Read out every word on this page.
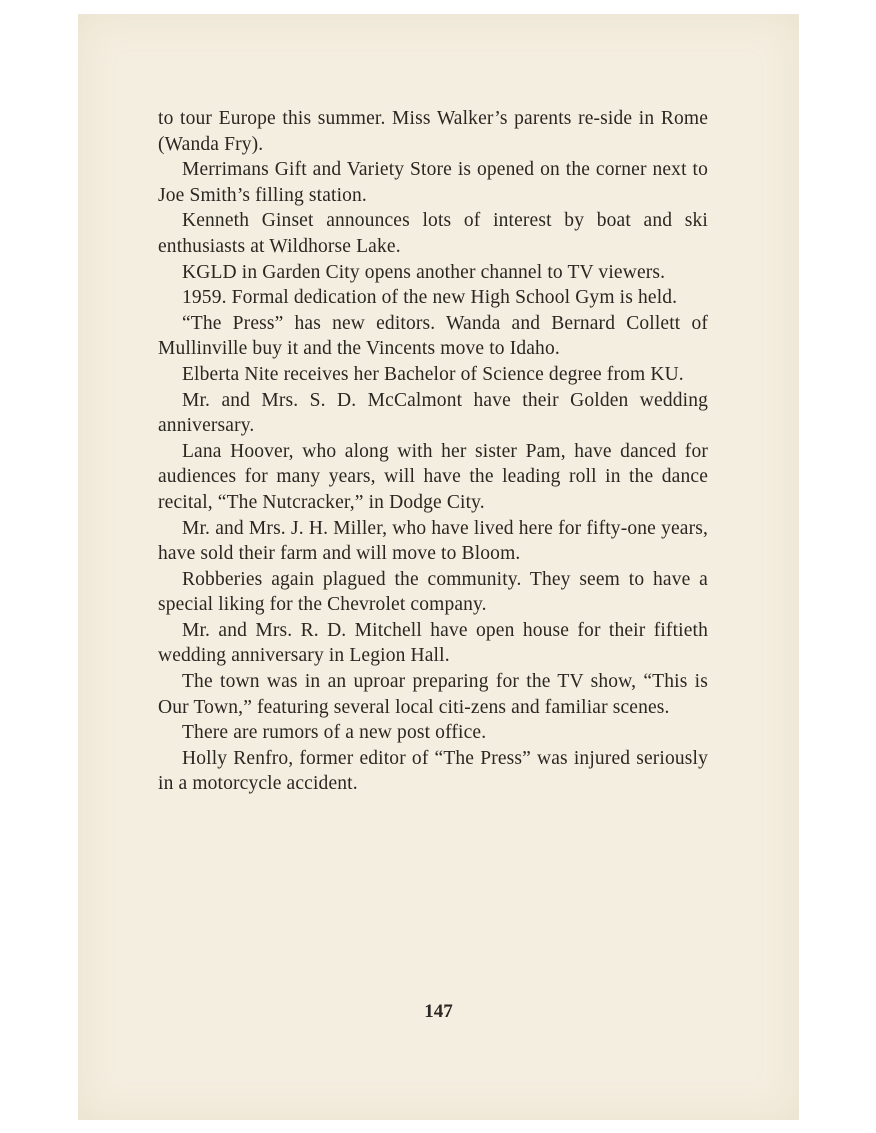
to tour Europe this summer. Miss Walker’s parents re-side in Rome (Wanda Fry).

Merrimans Gift and Variety Store is opened on the corner next to Joe Smith’s filling station.

Kenneth Ginset announces lots of interest by boat and ski enthusiasts at Wildhorse Lake.

KGLD in Garden City opens another channel to TV viewers.

1959. Formal dedication of the new High School Gym is held.

“The Press” has new editors. Wanda and Bernard Collett of Mullinville buy it and the Vincents move to Idaho.

Elberta Nite receives her Bachelor of Science degree from KU.

Mr. and Mrs. S. D. McCalmont have their Golden wedding anniversary.

Lana Hoover, who along with her sister Pam, have danced for audiences for many years, will have the leading roll in the dance recital, “The Nutcracker,” in Dodge City.

Mr. and Mrs. J. H. Miller, who have lived here for fifty-one years, have sold their farm and will move to Bloom.

Robberies again plagued the community. They seem to have a special liking for the Chevrolet company.

Mr. and Mrs. R. D. Mitchell have open house for their fiftieth wedding anniversary in Legion Hall.

The town was in an uproar preparing for the TV show, “This is Our Town,” featuring several local citi-zens and familiar scenes.

There are rumors of a new post office.

Holly Renfro, former editor of “The Press” was injured seriously in a motorcycle accident.

147
